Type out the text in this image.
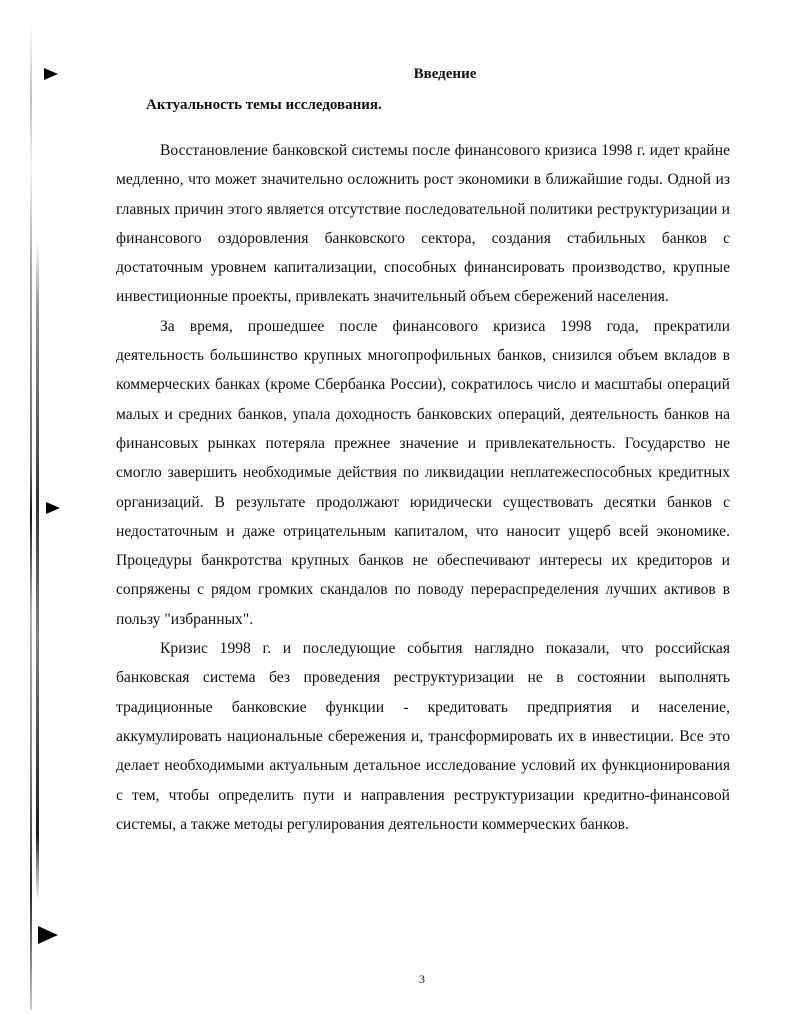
Введение
Актуальность темы исследования.

Восстановление банковской системы после финансового кризиса 1998 г. идет крайне медленно, что может значительно осложнить рост экономики в ближайшие годы. Одной из главных причин этого является отсутствие последовательной политики реструктуризации и финансового оздоровления банковского сектора, создания стабильных банков с достаточным уровнем капитализации, способных финансировать производство, крупные инвестиционные проекты, привлекать значительный объем сбережений населения.

За время, прошедшее после финансового кризиса 1998 года, прекратили деятельность большинство крупных многопрофильных банков, снизился объем вкладов в коммерческих банках (кроме Сбербанка России), сократилось число и масштабы операций малых и средних банков, упала доходность банковских операций, деятельность банков на финансовых рынках потеряла прежнее значение и привлекательность. Государство не смогло завершить необходимые действия по ликвидации неплатежеспособных кредитных организаций. В результате продолжают юридически существовать десятки банков с недостаточным и даже отрицательным капиталом, что наносит ущерб всей экономике. Процедуры банкротства крупных банков не обеспечивают интересы их кредиторов и сопряжены с рядом громких скандалов по поводу перераспределения лучших активов в пользу "избранных".

Кризис 1998 г. и последующие события наглядно показали, что российская банковская система без проведения реструктуризации не в состоянии выполнять традиционные банковские функции - кредитовать предприятия и население, аккумулировать национальные сбережения и, трансформировать их в инвестиции. Все это делает необходимыми актуальным детальное исследование условий их функционирования с тем, чтобы определить пути и направления реструктуризации кредитно-финансовой системы, а также методы регулирования деятельности коммерческих банков.

3
